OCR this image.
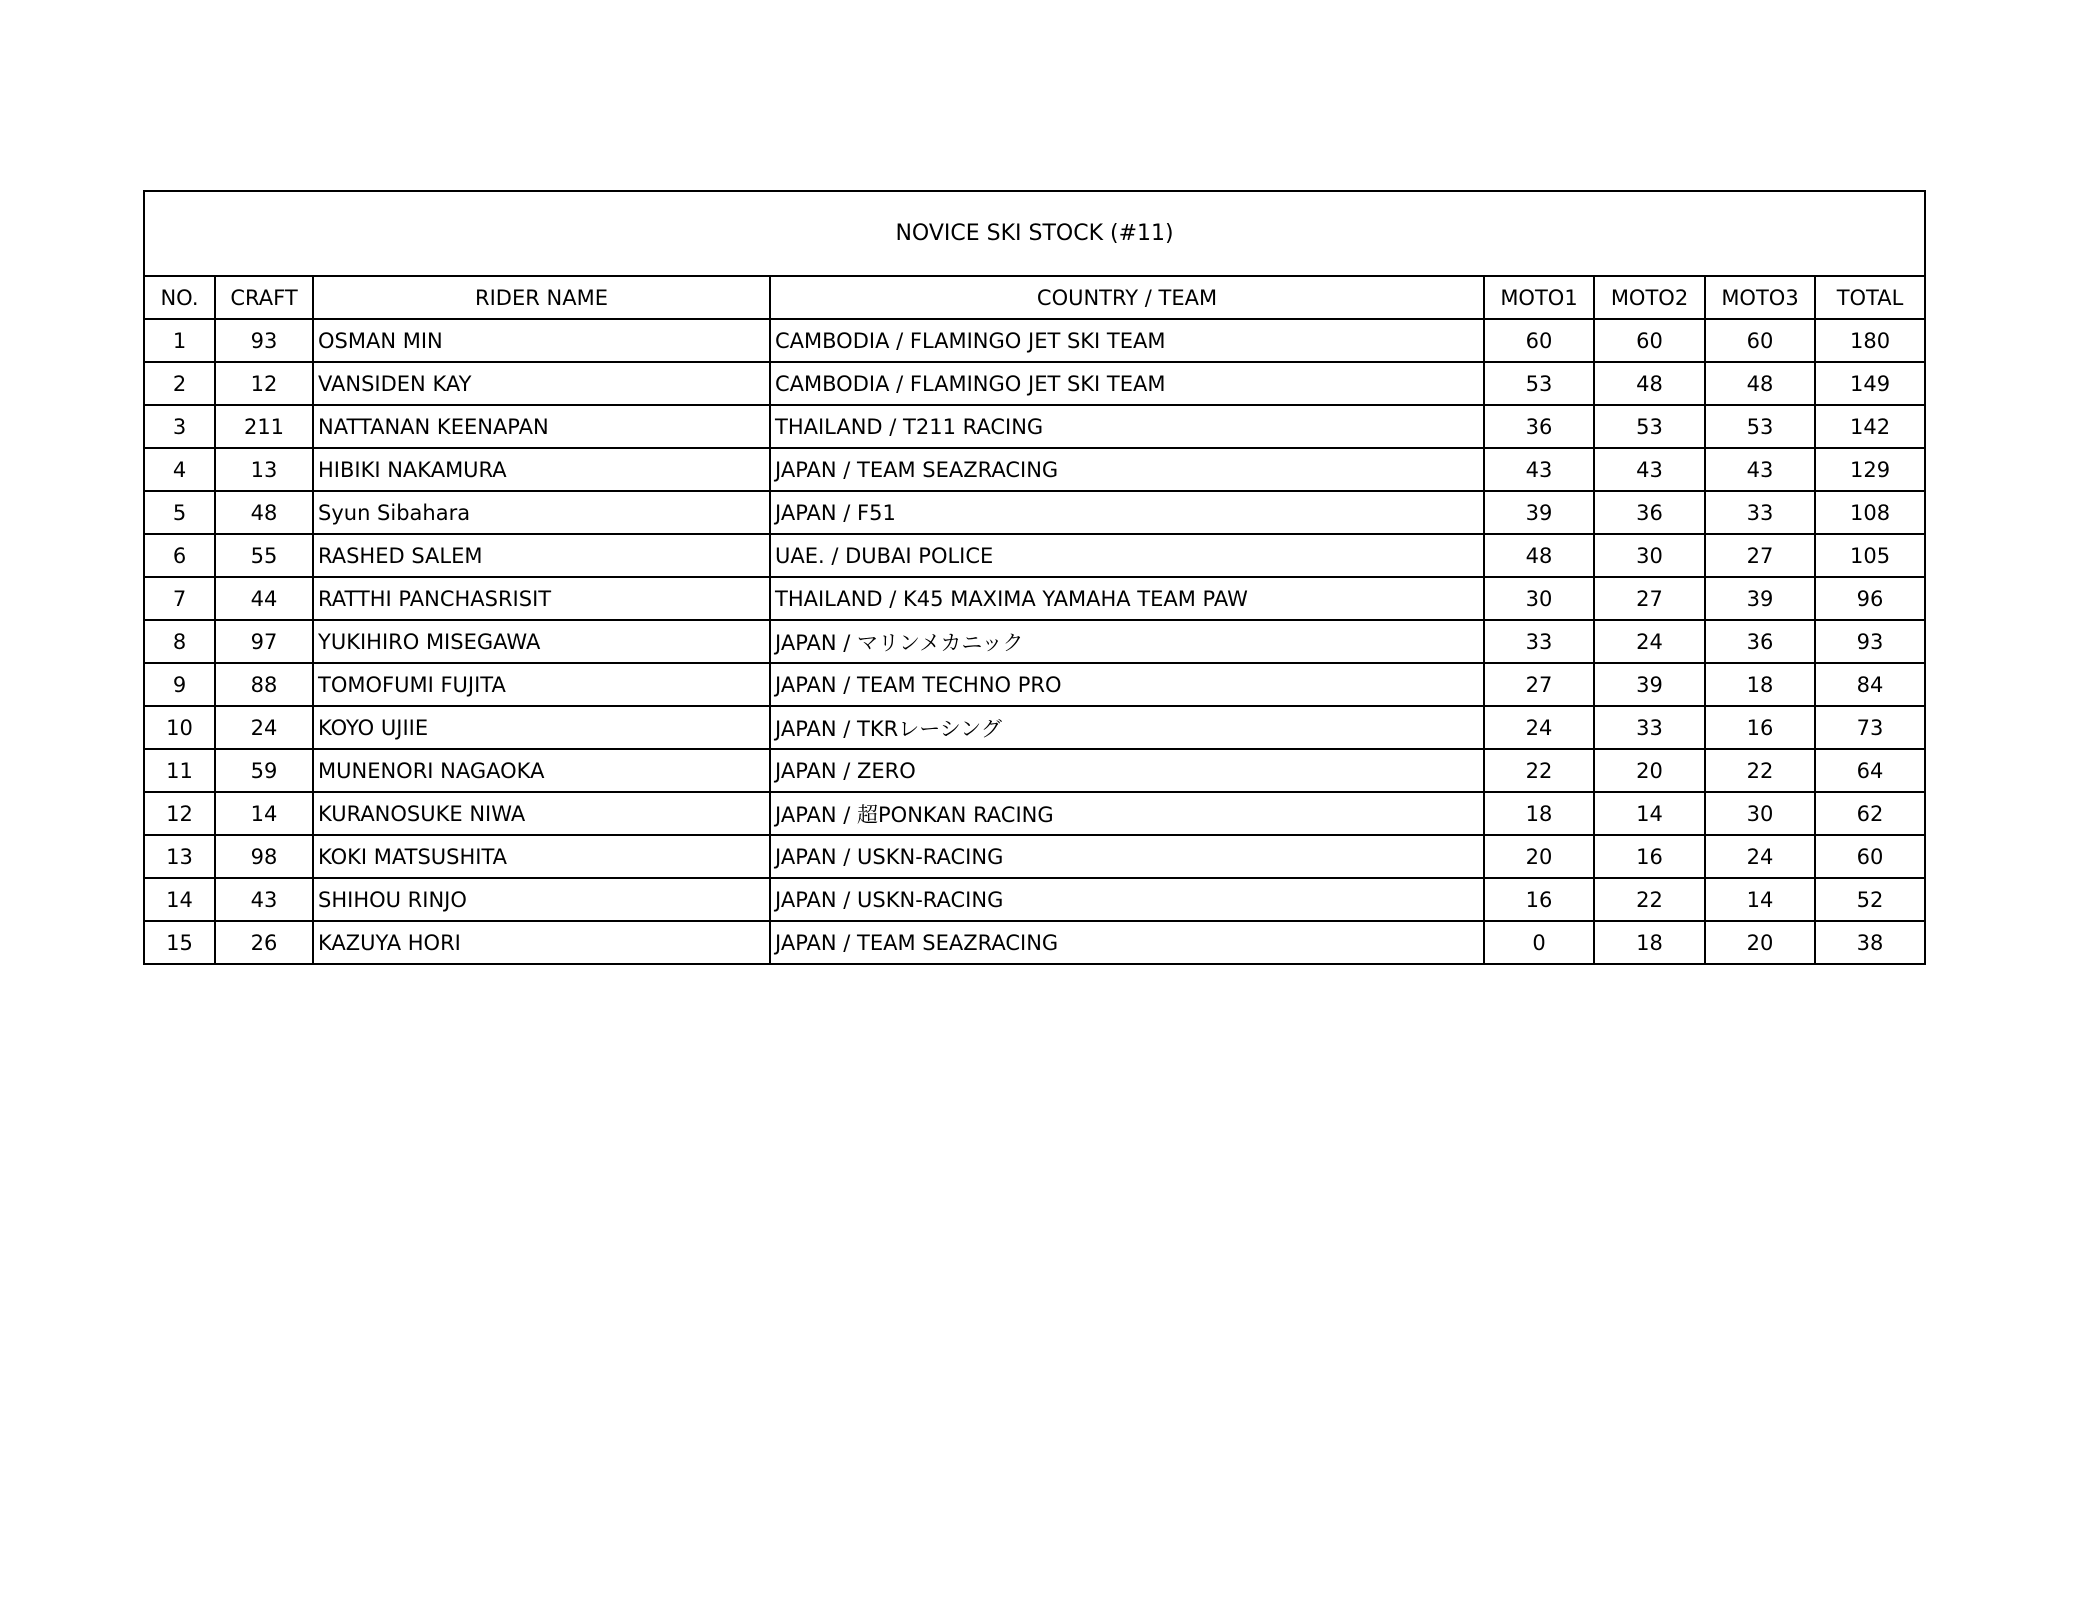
NOVICE SKI STOCK (#11)							
NO.	CRAFT	RIDER NAME	COUNTRY / TEAM	MOTO1	MOTO2	MOTO3	TOTAL
1	93	OSMAN MIN	CAMBODIA / FLAMINGO JET SKI TEAM	60	60	60	180
2	12	VANSIDEN KAY	CAMBODIA / FLAMINGO JET SKI TEAM	53	48	48	149
3	211	NATTANAN KEENAPAN	THAILAND / T211 RACING	36	53	53	142
4	13	HIBIKI NAKAMURA	JAPAN / TEAM SEAZRACING	43	43	43	129
5	48	Syun Sibahara	JAPAN / F51	39	36	33	108
6	55	RASHED SALEM	UAE. / DUBAI POLICE	48	30	27	105
7	44	RATTHI PANCHASRISIT	THAILAND / K45 MAXIMA YAMAHA TEAM PAW	30	27	39	96
8	97	YUKIHIRO MISEGAWA	JAPAN / マリンメカニック	33	24	36	93
9	88	TOMOFUMI FUJITA	JAPAN / TEAM TECHNO PRO	27	39	18	84
10	24	KOYO UJIIE	JAPAN / TKRレーシング	24	33	16	73
11	59	MUNENORI NAGAOKA	JAPAN / ZERO	22	20	22	64
12	14	KURANOSUKE NIWA	JAPAN / 超PONKAN RACING	18	14	30	62
13	98	KOKI MATSUSHITA	JAPAN / USKN-RACING	20	16	24	60
14	43	SHIHOU RINJO	JAPAN / USKN-RACING	16	22	14	52
15	26	KAZUYA HORI	JAPAN / TEAM SEAZRACING	0	18	20	38
